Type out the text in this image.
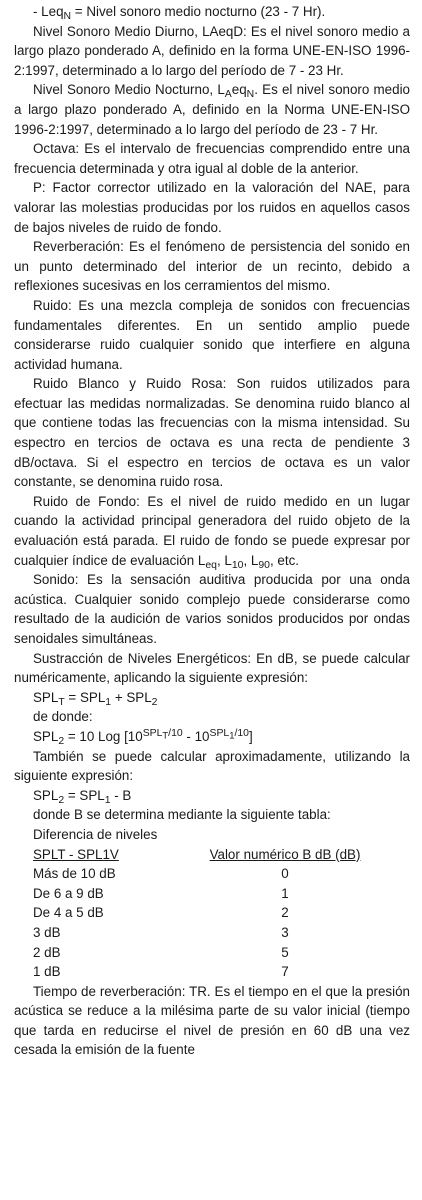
- Leq$_N$ = Nivel sonoro medio nocturno (23 - 7 Hr).

Nivel Sonoro Medio Diurno, LAeqD: Es el nivel sonoro medio a largo plazo ponderado A, definido en la forma UNE-EN-ISO 1996-2:1997, determinado a lo largo del período de 7 - 23 Hr.

Nivel Sonoro Medio Nocturno, $L_Aeq_N$. Es el nivel sonoro medio a largo plazo ponderado A, definido en la Norma UNE-EN-ISO 1996-2:1997, determinado a lo largo del período de 23 - 7 Hr.

Octava: Es el intervalo de frecuencias comprendido entre una frecuencia determinada y otra igual al doble de la anterior.

P: Factor corrector utilizado en la valoración del NAE, para valorar las molestias producidas por los ruidos en aquellos casos de bajos niveles de ruido de fondo.

Reverberación: Es el fenómeno de persistencia del sonido en un punto determinado del interior de un recinto, debido a reflexiones sucesivas en los cerramientos del mismo.

Ruido: Es una mezcla compleja de sonidos con frecuencias fundamentales diferentes. En un sentido amplio puede considerarse ruido cualquier sonido que interfiere en alguna actividad humana.

Ruido Blanco y Ruido Rosa: Son ruidos utilizados para efectuar las medidas normalizadas. Se denomina ruido blanco al que contiene todas las frecuencias con la misma intensidad. Su espectro en tercios de octava es una recta de pendiente 3 dB/octava. Si el espectro en tercios de octava es un valor constante, se denomina ruido rosa.

Ruido de Fondo: Es el nivel de ruido medido en un lugar cuando la actividad principal generadora del ruido objeto de la evaluación está parada. El ruido de fondo se puede expresar por cualquier índice de evaluación $L_{eq}$, $L_{10}$, $L_{90}$, etc.

Sonido: Es la sensación auditiva producida por una onda acústica. Cualquier sonido complejo puede considerarse como resultado de la audición de varios sonidos producidos por ondas senoidales simultáneas.

Sustracción de Niveles Energéticos: En dB, se puede calcular numéricamente, aplicando la siguiente expresión:

$SPL_T = SPL_1 + SPL_2$

de donde:

$SPL_2 = 10$ Log $[10^{SPL_T/10} - 10^{SPL_1/10}]$

También se puede calcular aproximadamente, utilizando la siguiente expresión:

$SPL_2 = SPL_1 - B$

donde B se determina mediante la siguiente tabla:

Diferencia de niveles

SPLT - SPL1V	Valor numérico B dB (dB)
Más de 10 dB	0
De 6 a 9 dB	1
De 4 a 5 dB	2
3 dB	3
2 dB	5
1 dB	7

Tiempo de reverberación: TR. Es el tiempo en el que la presión acústica se reduce a la milésima parte de su valor inicial (tiempo que tarda en reducirse el nivel de presión en 60 dB una vez cesada la emisión de la fuente
